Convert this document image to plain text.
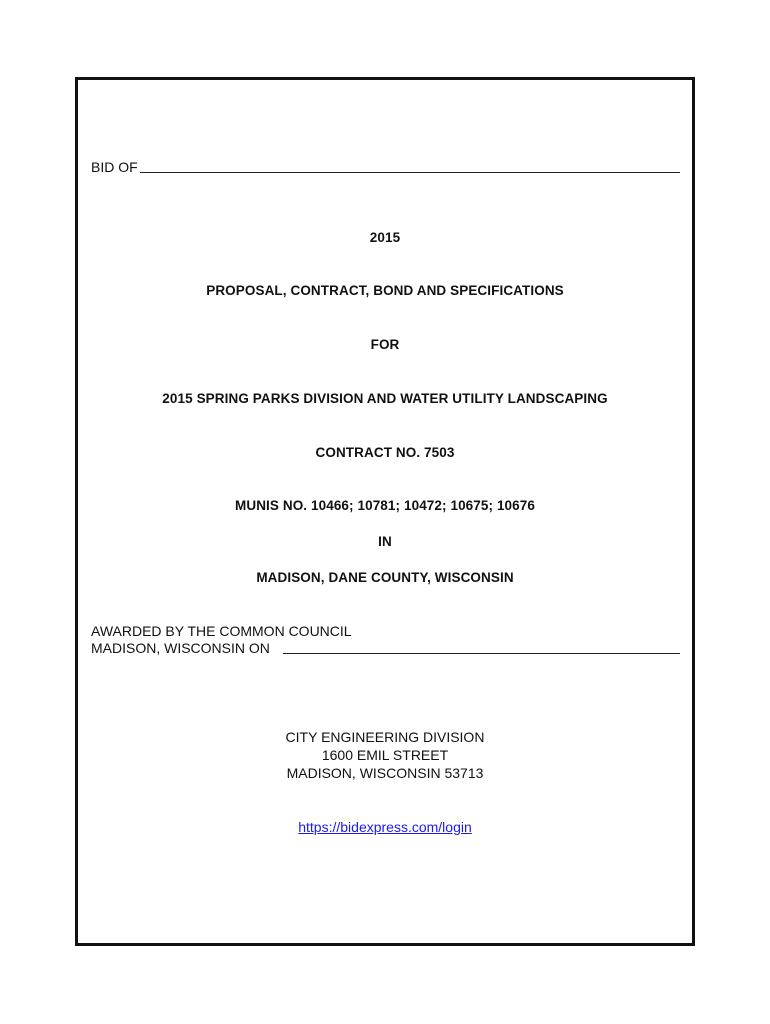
BID OF
2015
PROPOSAL, CONTRACT, BOND AND SPECIFICATIONS
FOR
2015 SPRING PARKS DIVISION AND WATER UTILITY LANDSCAPING
CONTRACT NO. 7503
MUNIS NO. 10466; 10781; 10472; 10675; 10676
IN
MADISON, DANE COUNTY, WISCONSIN
AWARDED BY THE COMMON COUNCIL
MADISON, WISCONSIN ON
CITY ENGINEERING DIVISION
1600 EMIL STREET
MADISON, WISCONSIN 53713
https://bidexpress.com/login
